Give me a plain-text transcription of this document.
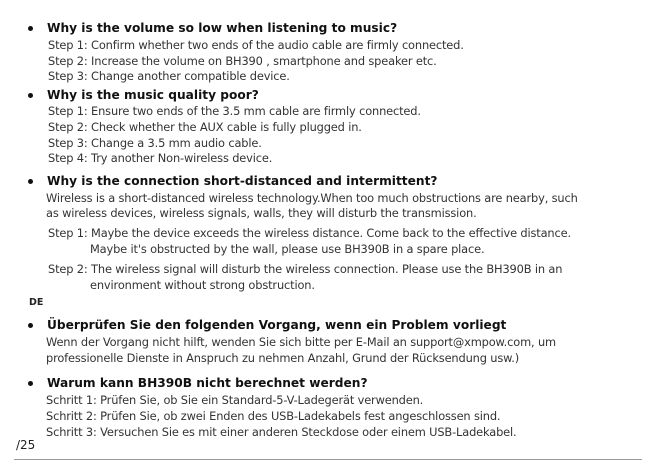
Why is the volume so low when listening to music?
Step 1: Confirm whether two ends of the audio cable are firmly connected.
Step 2: Increase the volume on BH390 , smartphone and speaker etc.
Step 3: Change another compatible device.
Why is the music quality poor?
Step 1: Ensure two ends of the 3.5 mm cable are firmly connected.
Step 2: Check whether the AUX cable is fully plugged in.
Step 3: Change a 3.5 mm audio cable.
Step 4: Try another Non-wireless device.
Why is the connection short-distanced and intermittent?
Wireless is a short-distanced wireless technology.When too much obstructions are nearby, such
as wireless devices, wireless signals, walls, they will disturb the transmission.
Step 1: Maybe the device exceeds the wireless distance. Come back to the effective distance.
Maybe it's obstructed by the wall, please use BH390B in a spare place.
Step 2: The wireless signal will disturb the wireless connection. Please use the BH390B in an
environment without strong obstruction.
DE
Überprüfen Sie den folgenden Vorgang, wenn ein Problem vorliegt
Wenn der Vorgang nicht hilft, wenden Sie sich bitte per E-Mail an support@xmpow.com, um
professionelle Dienste in Anspruch zu nehmen Anzahl, Grund der Rücksendung usw.)
Warum kann BH390B nicht berechnet werden?
Schritt 1: Prüfen Sie, ob Sie ein Standard-5-V-Ladegerät verwenden.
Schritt 2: Prüfen Sie, ob zwei Enden des USB-Ladekabels fest angeschlossen sind.
Schritt 3: Versuchen Sie es mit einer anderen Steckdose oder einem USB-Ladekabel.
/25
